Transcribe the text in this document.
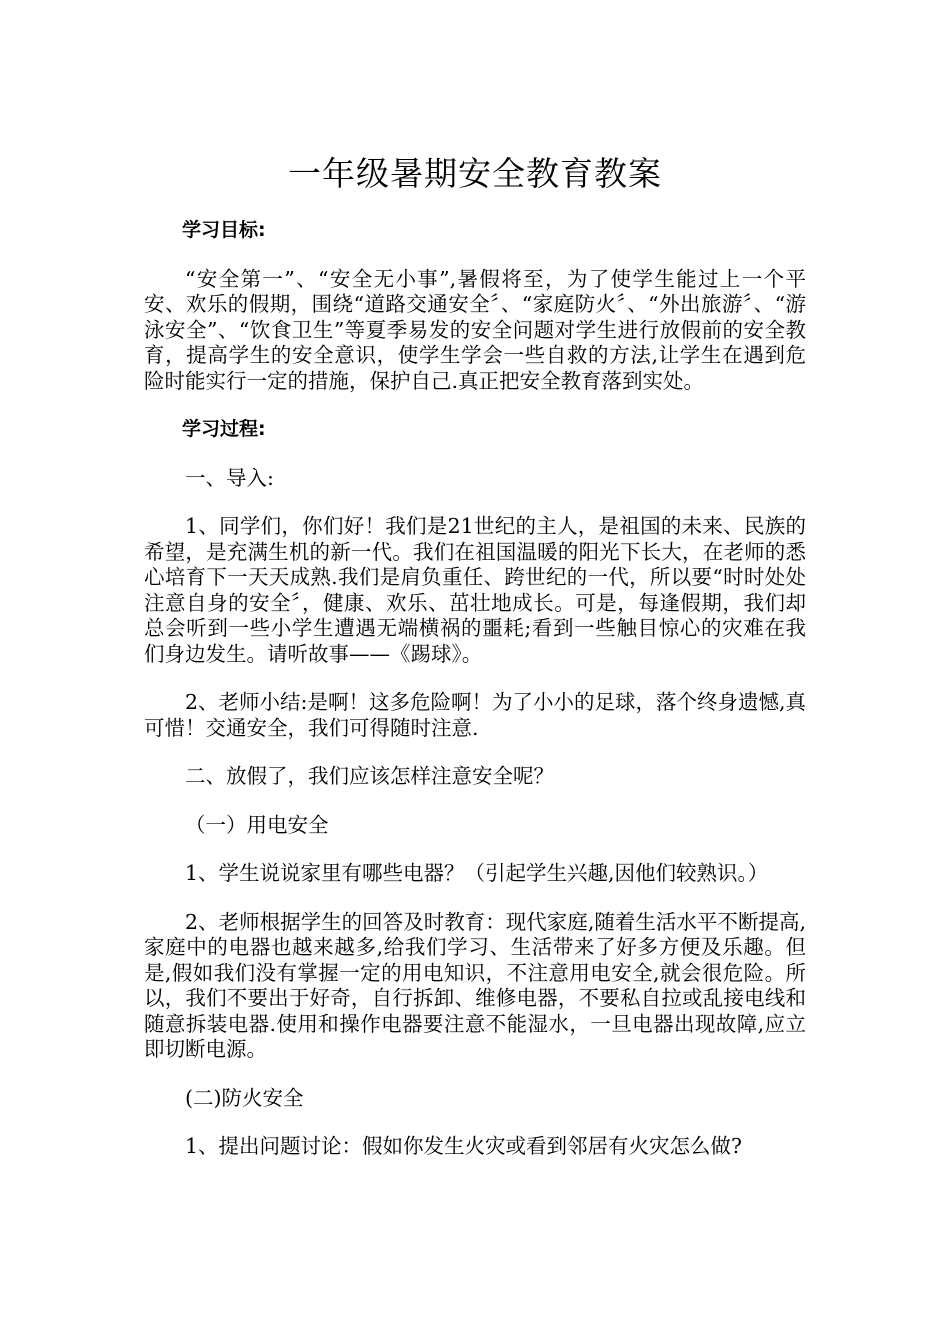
一年级暑期安全教育教案

学习目标:

“安全第一”、“安全无小事”,暑假将至，为了使学生能过上一个平安、欢乐的假期，围绕“道路交通安全〞、“家庭防火〞、“外出旅游〞、“游泳安全”、“饮食卫生”等夏季易发的安全问题对学生进行放假前的安全教育，提高学生的安全意识，使学生学会一些自救的方法,让学生在遇到危险时能实行一定的措施，保护自己.真正把安全教育落到实处。

学习过程:

一、导入:

1、同学们，你们好！我们是21世纪的主人，是祖国的未来、民族的希望，是充满生机的新一代。我们在祖国温暖的阳光下长大，在老师的悉心培育下一天天成熟.我们是肩负重任、跨世纪的一代，所以要“时时处处注意自身的安全〞，健康、欢乐、茁壮地成长。可是，每逢假期，我们却总会听到一些小学生遭遇无端横祸的噩耗;看到一些触目惊心的灾难在我们身边发生。请听故事——《踢球》。

2、老师小结:是啊！这多危险啊！为了小小的足球，落个终身遗憾,真可惜！交通安全，我们可得随时注意.

二、放假了，我们应该怎样注意安全呢？

（一）用电安全

1、学生说说家里有哪些电器？（引起学生兴趣,因他们较熟识。）

2、老师根据学生的回答及时教育：现代家庭,随着生活水平不断提高,家庭中的电器也越来越多,给我们学习、生活带来了好多方便及乐趣。但是,假如我们没有掌握一定的用电知识，不注意用电安全,就会很危险。所以，我们不要出于好奇，自行拆卸、维修电器，不要私自拉或乱接电线和随意拆装电器.使用和操作电器要注意不能湿水，一旦电器出现故障,应立即切断电源。

(二)防火安全

1、提出问题讨论：假如你发生火灾或看到邻居有火灾怎么做?
